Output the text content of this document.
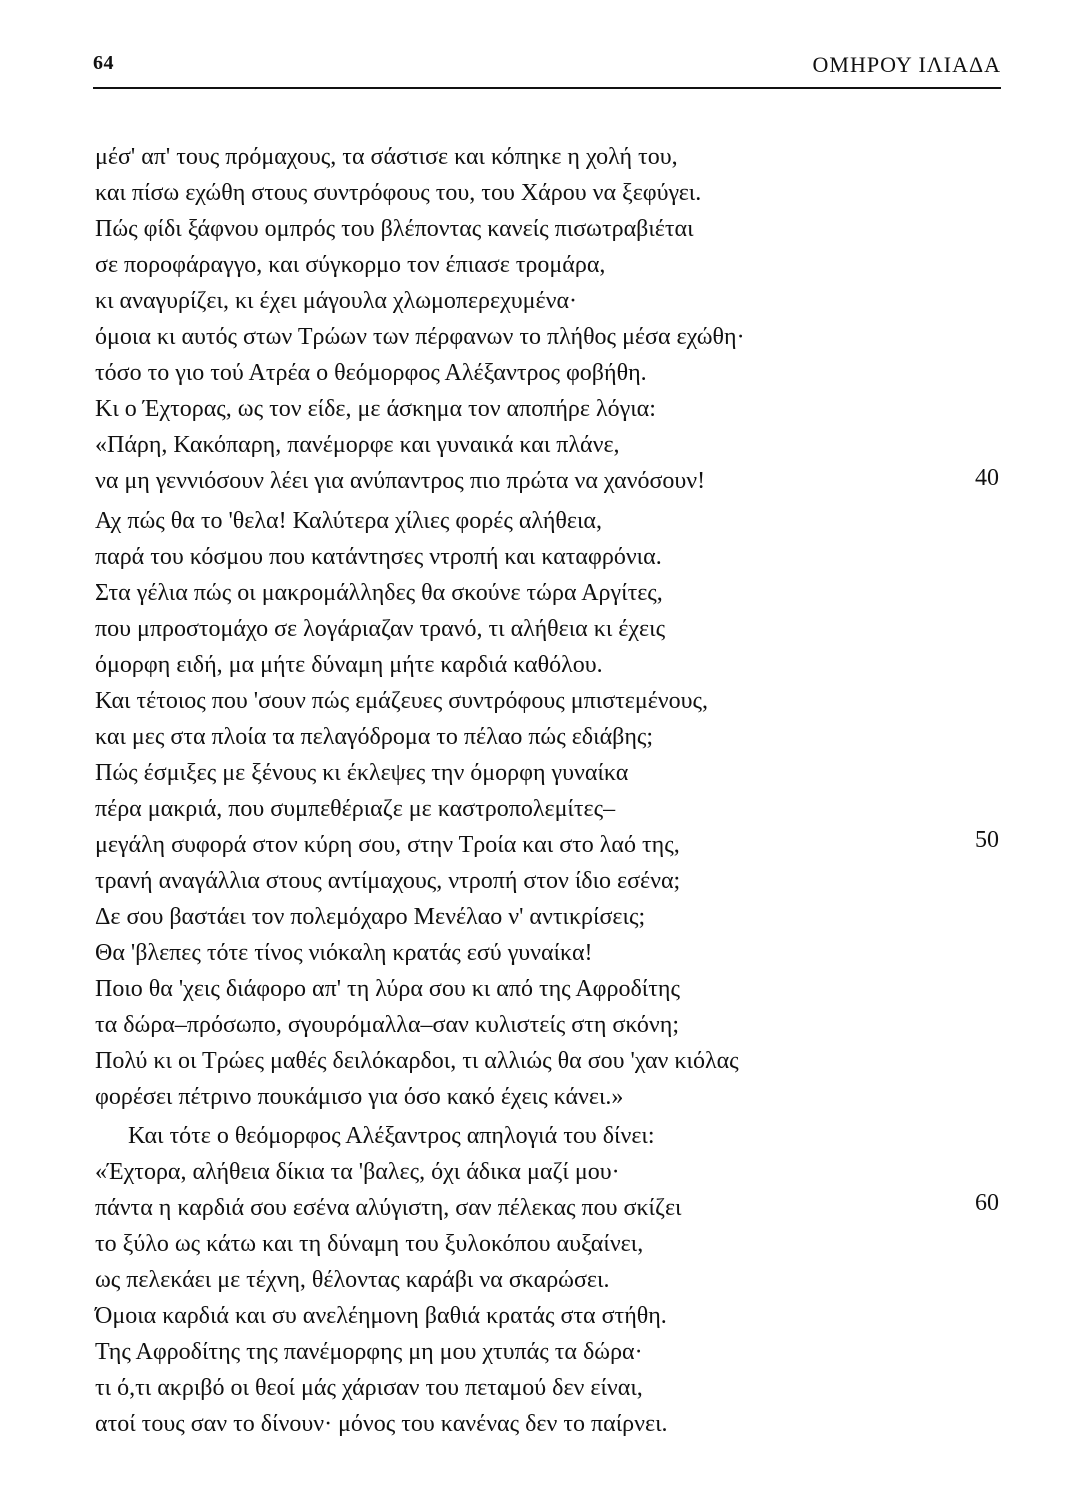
64	ΟΜΗΡΟΥ ΙΛΙΑΔΑ
μέσ' απ' τους πρόμαχους, τα σάστισε και κόπηκε η χολή του,
και πίσω εχώθη στους συντρόφους του, του Χάρου να ξεφύγει.
Πώς φίδι ξάφνου ομπρός του βλέποντας κανείς πισωτραβιέται
σε ποροφάραγγο, και σύγκορμο τον έπιασε τρομάρα,
κι αναγυρίζει, κι έχει μάγουλα χλωμοπερεχυμένα·
όμοια κι αυτός στων Τρώων των πέρφανων το πλήθος μέσα εχώθη·
τόσο το γιο τού Ατρέα ο θεόμορφος Αλέξαντρος φοβήθη.
Κι ο Έχτορας, ως τον είδε, με άσκημα τον αποπήρε λόγια:
«Πάρη, Κακόπαρη, πανέμορφε και γυναικά και πλάνε,
να μη γεννιόσουν λέει για ανύπαντρος πιο πρώτα να χανόσουν!	40
Αχ πώς θα το 'θελα! Καλύτερα χίλιες φορές αλήθεια,
παρά του κόσμου που κατάντησες ντροπή και καταφρόνια.
Στα γέλια πώς οι μακρομάλληδες θα σκούνε τώρα Αργίτες,
που μπροστομάχο σε λογάριαζαν τρανό, τι αλήθεια κι έχεις
όμορφη ειδή, μα μήτε δύναμη μήτε καρδιά καθόλου.
Και τέτοιος που 'σουν πώς εμάζευες συντρόφους μπιστεμένους,
και μες στα πλοία τα πελαγόδρομα το πέλαο πώς εδιάβης;
Πώς έσμιξες με ξένους κι έκλεψες την όμορφη γυναίκα
πέρα μακριά, που συμπεθέριαζε με καστροπολεμίτες–
μεγάλη συφορά στον κύρη σου, στην Τροία και στο λαό της,	50
τρανή αναγάλλια στους αντίμαχους, ντροπή στον ίδιο εσένα;
Δε σου βαστάει τον πολεμόχαρο Μενέλαο ν' αντικρίσεις;
Θα 'βλεπες τότε τίνος νιόκαλη κρατάς εσύ γυναίκα!
Ποιο θα 'χεις διάφορο απ' τη λύρα σου κι από της Αφροδίτης
τα δώρα–πρόσωπο, σγουρόμαλλα–σαν κυλιστείς στη σκόνη;
Πολύ κι οι Τρώες μαθές δειλόκαρδοι, τι αλλιώς θα σου 'χαν κιόλας
φορέσει πέτρινο πουκάμισο για όσο κακό έχεις κάνει.»
Και τότε ο θεόμορφος Αλέξαντρος απηλογιά του δίνει:
«Έχτορα, αλήθεια δίκια τα 'βαλες, όχι άδικα μαζί μου·
πάντα η καρδιά σου εσένα αλύγιστη, σαν πέλεκας που σκίζει	60
το ξύλο ως κάτω και τη δύναμη του ξυλοκόπου αυξαίνει,
ως πελεκάει με τέχνη, θέλοντας καράβι να σκαρώσει.
Όμοια καρδιά και συ ανελέημονη βαθιά κρατάς στα στήθη.
Της Αφροδίτης της πανέμορφης μη μου χτυπάς τα δώρα·
τι ό,τι ακριβό οι θεοί μάς χάρισαν του πεταμού δεν είναι,
ατοί τους σαν το δίνουν· μόνος του κανένας δεν το παίρνει.
